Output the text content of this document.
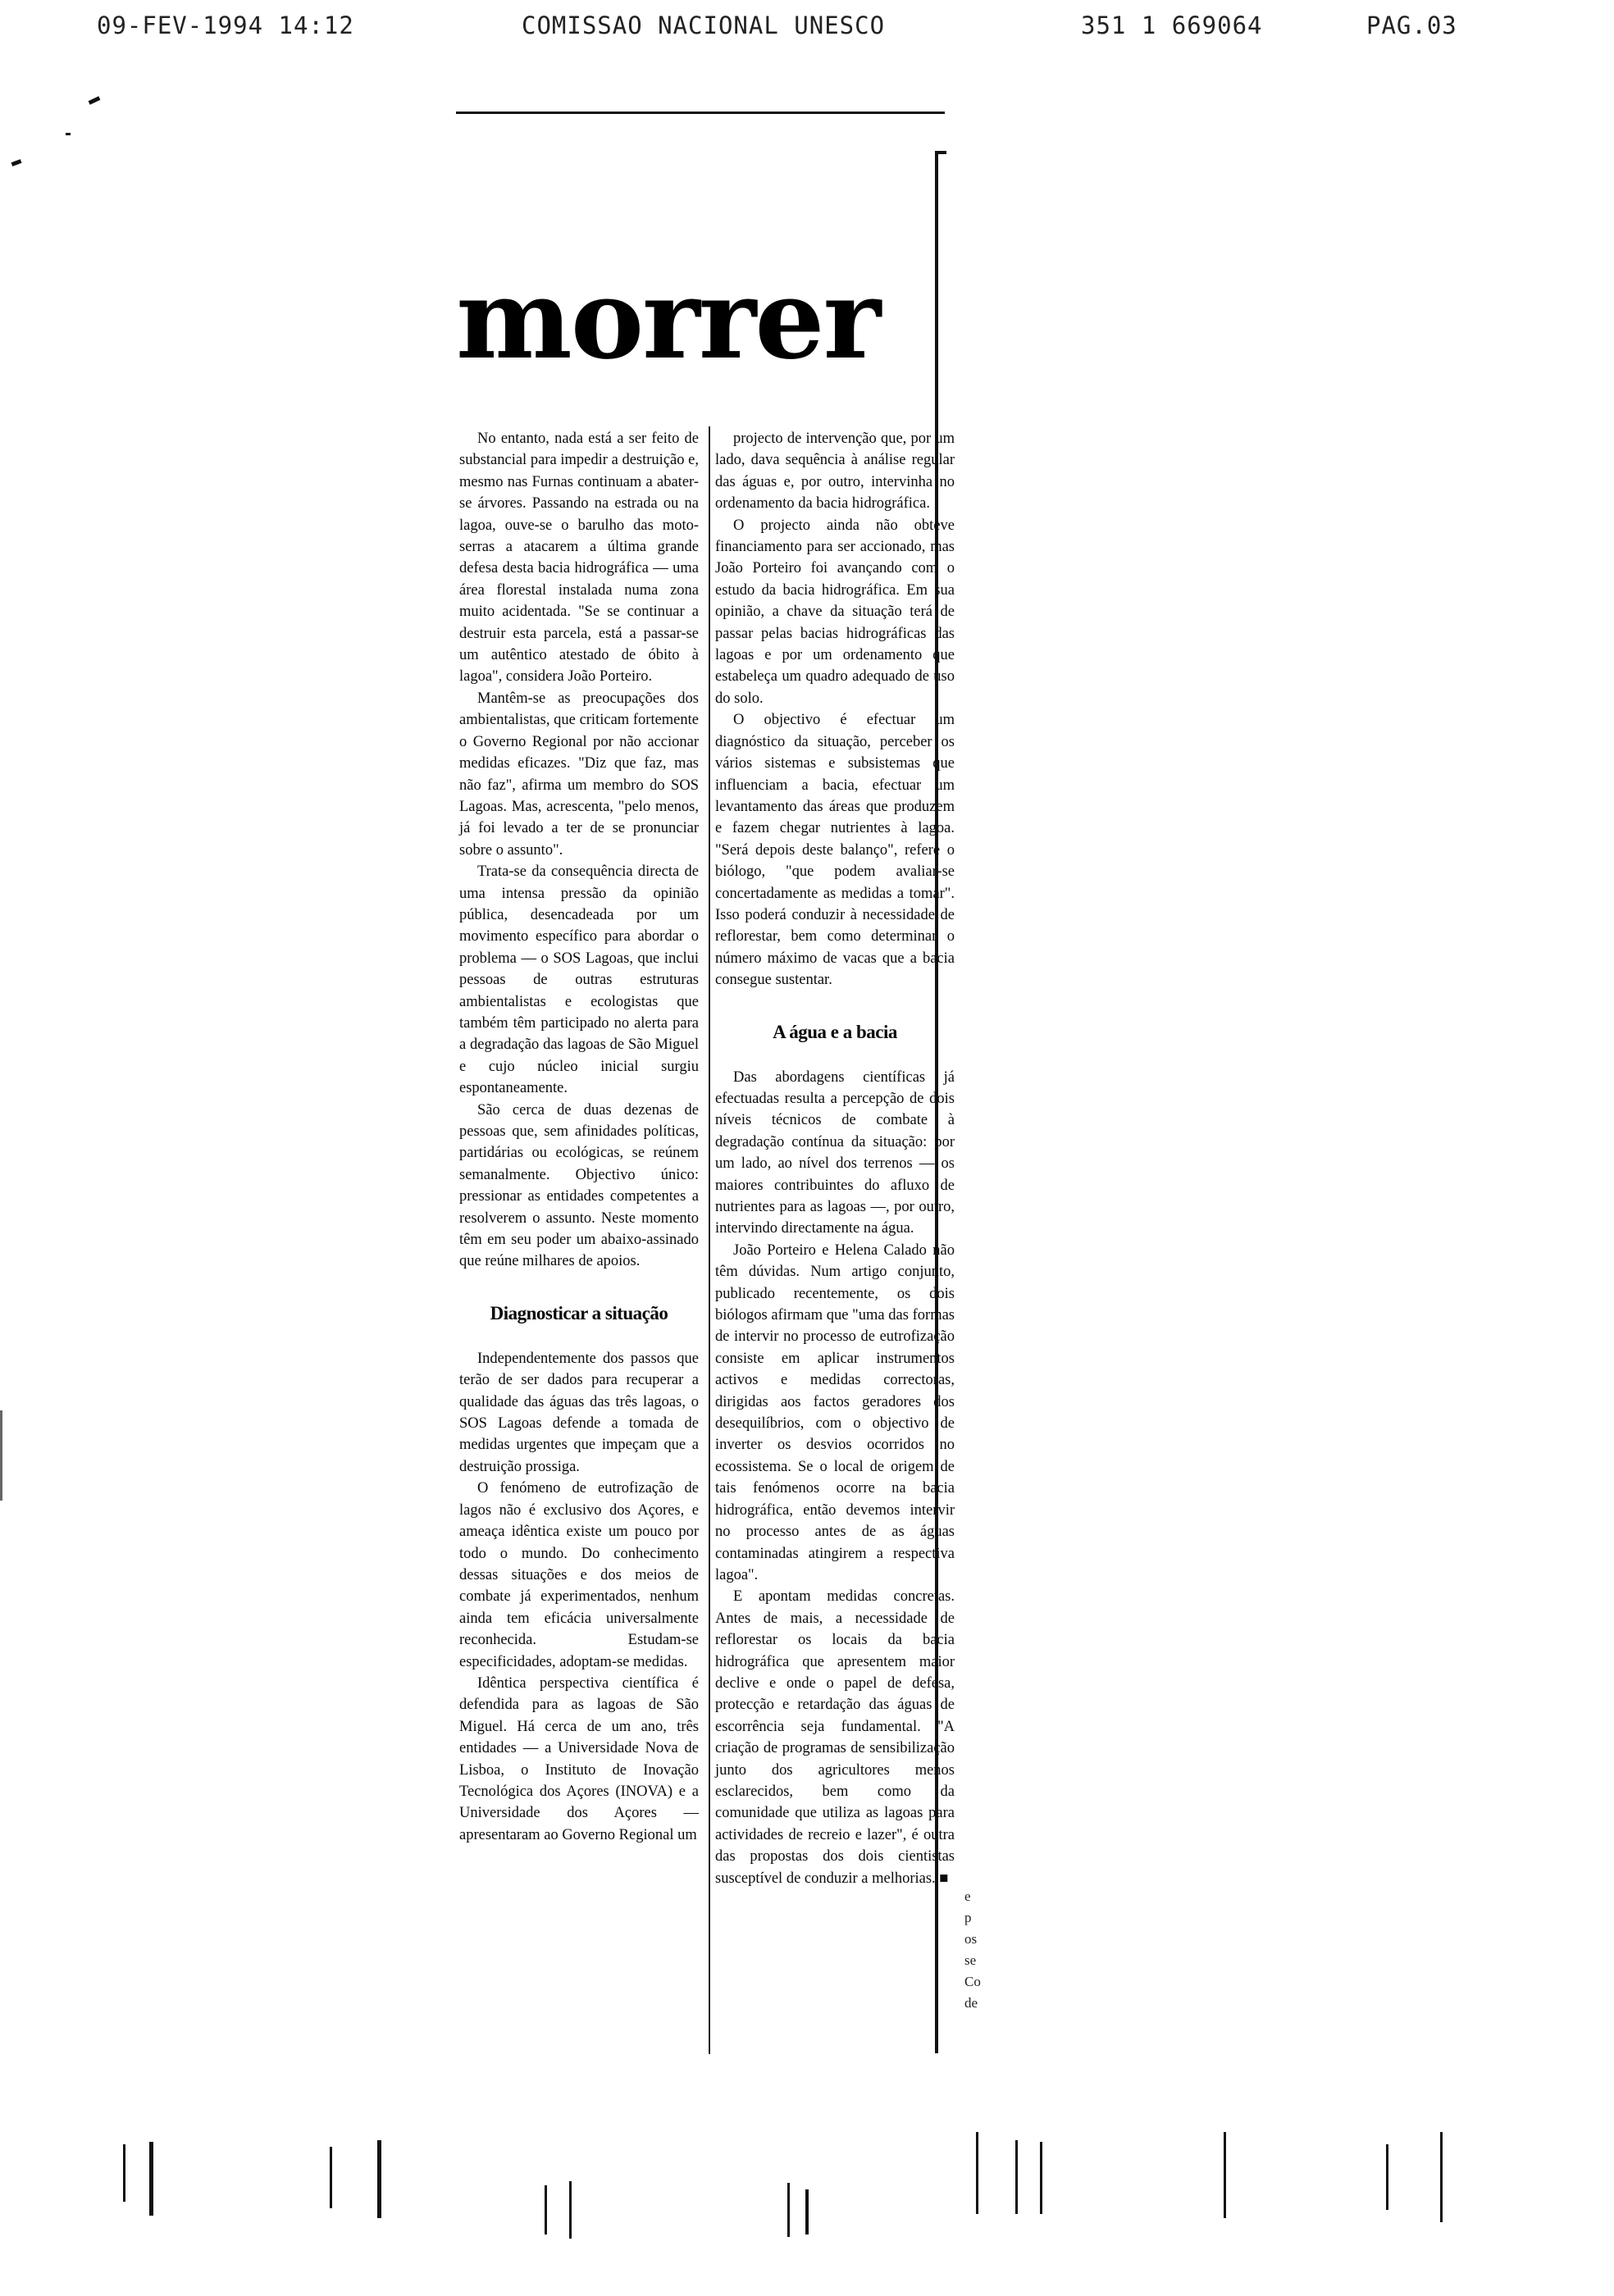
09-FEV-1994 14:12	COMISSAO NACIONAL UNESCO	351 1 669064	PAG.03
morrer

No entanto, nada está a ser feito de substancial para impedir a destruição e, mesmo nas Furnas continuam a abater-se árvores. Passando na estrada ou na lagoa, ouve-se o barulho das moto-serras a atacarem a última grande defesa desta bacia hidrográfica — uma área florestal instalada numa zona muito acidentada. "Se se continuar a destruir esta parcela, está a passar-se um autêntico atestado de óbito à lagoa", considera João Porteiro.

Mantêm-se as preocupações dos ambientalistas, que criticam fortemente o Governo Regional por não accionar medidas eficazes. "Diz que faz, mas não faz", afirma um membro do SOS Lagoas. Mas, acrescenta, "pelo menos, já foi levado a ter de se pronunciar sobre o assunto".

Trata-se da consequência directa de uma intensa pressão da opinião pública, desencadeada por um movimento específico para abordar o problema — o SOS Lagoas, que inclui pessoas de outras estruturas ambientalistas e ecologistas que também têm participado no alerta para a degradação das lagoas de São Miguel e cujo núcleo inicial surgiu espontaneamente.

São cerca de duas dezenas de pessoas que, sem afinidades políticas, partidárias ou ecológicas, se reúnem semanalmente. Objectivo único: pressionar as entidades competentes a resolverem o assunto. Neste momento têm em seu poder um abaixo-assinado que reúne milhares de apoios.

Diagnosticar a situação

Independentemente dos passos que terão de ser dados para recuperar a qualidade das águas das três lagoas, o SOS Lagoas defende a tomada de medidas urgentes que impeçam que a destruição prossiga.

O fenómeno de eutrofização de lagos não é exclusivo dos Açores, e ameaça idêntica existe um pouco por todo o mundo. Do conhecimento dessas situações e dos meios de combate já experimentados, nenhum ainda tem eficácia universalmente reconhecida. Estudam-se especificidades, adoptam-se medidas.

Idêntica perspectiva científica é defendida para as lagoas de São Miguel. Há cerca de um ano, três entidades — a Universidade Nova de Lisboa, o Instituto de Inovação Tecnológica dos Açores (INOVA) e a Universidade dos Açores — apresentaram ao Governo Regional um

projecto de intervenção que, por um lado, dava sequência à análise regular das águas e, por outro, intervinha no ordenamento da bacia hidrográfica.

O projecto ainda não obteve financiamento para ser accionado, mas João Porteiro foi avançando com o estudo da bacia hidrográfica. Em sua opinião, a chave da situação terá de passar pelas bacias hidrográficas das lagoas e por um ordenamento que estabeleça um quadro adequado de uso do solo.

O objectivo é efectuar um diagnóstico da situação, perceber os vários sistemas e subsistemas que influenciam a bacia, efectuar um levantamento das áreas que produzem e fazem chegar nutrientes à lagoa. "Será depois deste balanço", refere o biólogo, "que podem avaliar-se concertadamente as medidas a tomar". Isso poderá conduzir à necessidade de reflorestar, bem como determinar o número máximo de vacas que a bacia consegue sustentar.

A água e a bacia

Das abordagens científicas já efectuadas resulta a percepção de dois níveis técnicos de combate à degradação contínua da situação: por um lado, ao nível dos terrenos — os maiores contribuintes do afluxo de nutrientes para as lagoas —, por outro, intervindo directamente na água.

João Porteiro e Helena Calado não têm dúvidas. Num artigo conjunto, publicado recentemente, os dois biólogos afirmam que "uma das formas de intervir no processo de eutrofização consiste em aplicar instrumentos activos e medidas correctoras, dirigidas aos factos geradores dos desequilíbrios, com o objectivo de inverter os desvios ocorridos no ecossistema. Se o local de origem de tais fenómenos ocorre na bacia hidrográfica, então devemos intervir no processo antes de as águas contaminadas atingirem a respectiva lagoa".

E apontam medidas concretas. Antes de mais, a necessidade de reflorestar os locais da bacia hidrográfica que apresentem maior declive e onde o papel de defesa, protecção e retardação das águas de escorrência seja fundamental. "A criação de programas de sensibilização junto dos agricultores menos esclarecidos, bem como da comunidade que utiliza as lagoas para actividades de recreio e lazer", é outra das propostas dos dois cientistas susceptível de conduzir a melhorias. ■

e
p
os
se
Co
de
